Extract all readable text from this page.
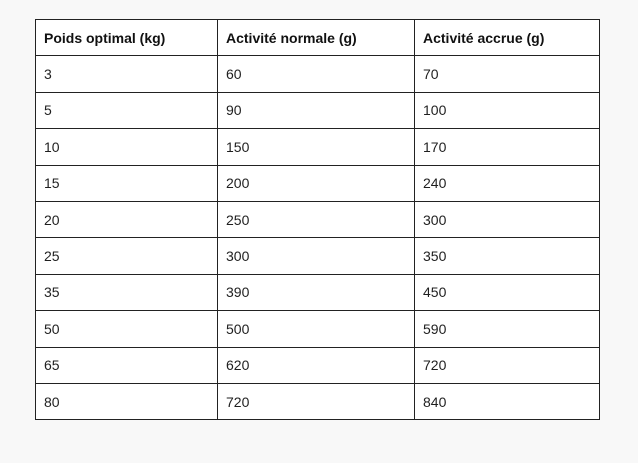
Poids optimal (kg)	Activité normale (g)	Activité accrue (g)
3	60	70
5	90	100
10	150	170
15	200	240
20	250	300
25	300	350
35	390	450
50	500	590
65	620	720
80	720	840
